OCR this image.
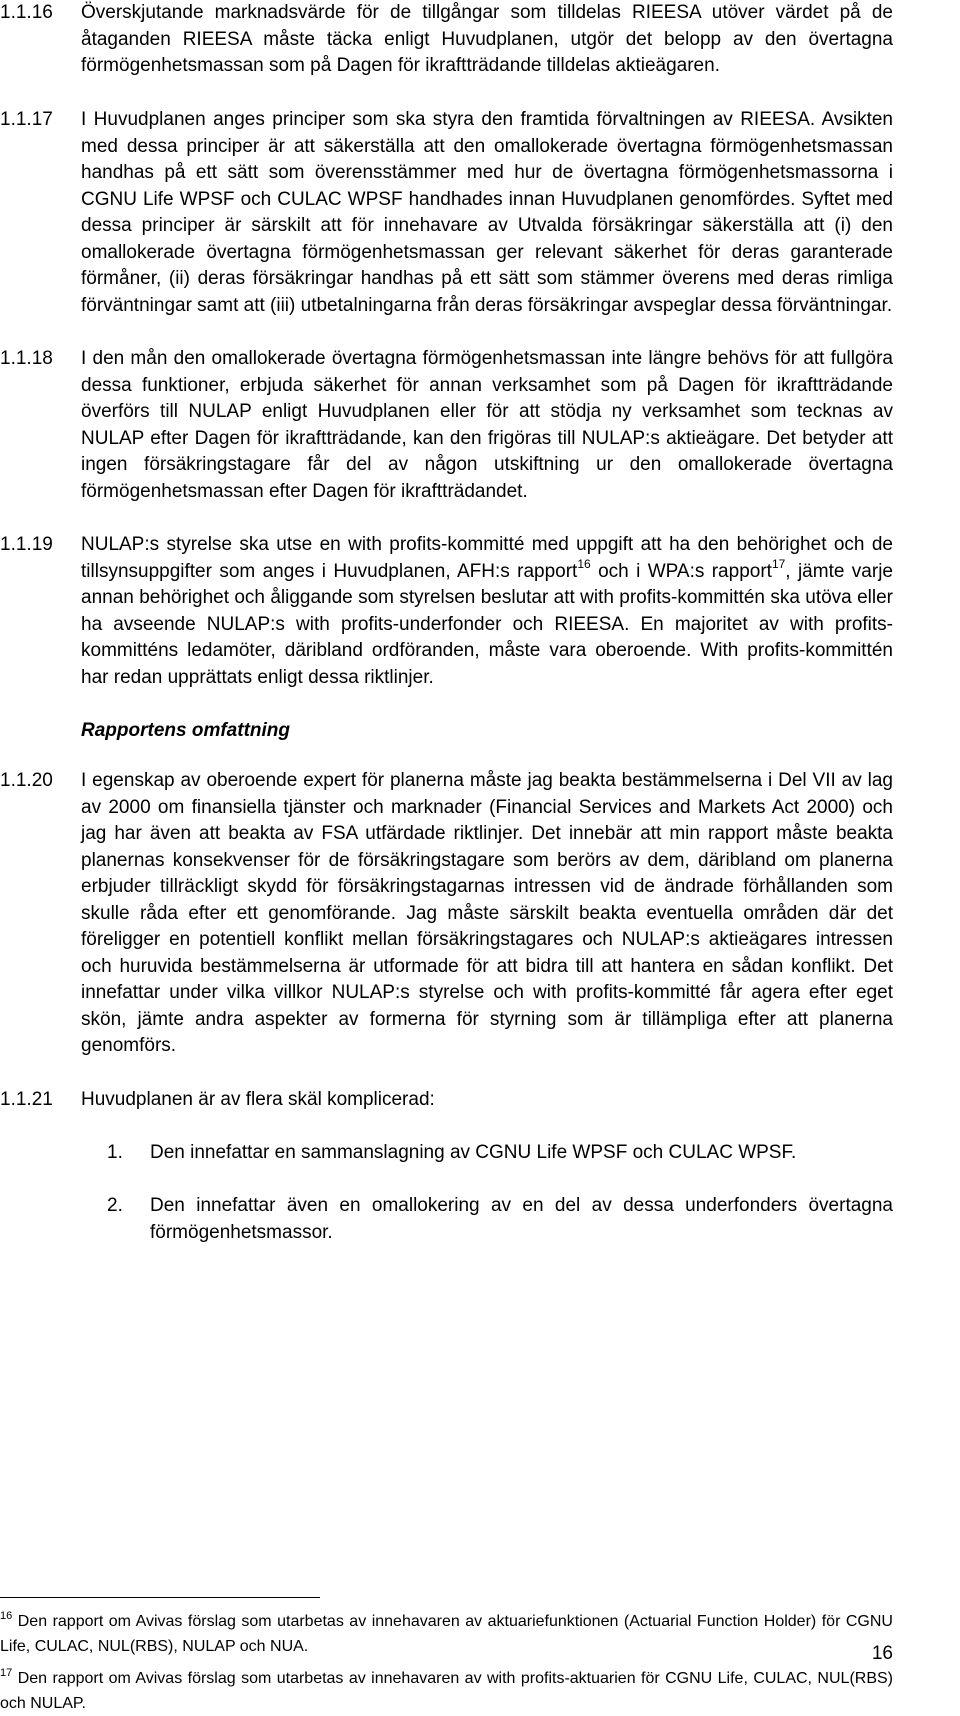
1.1.16	Överskjutande marknadsvärde för de tillgångar som tilldelas RIEESA utöver värdet på de åtaganden RIEESA måste täcka enligt Huvudplanen, utgör det belopp av den övertagna förmögenhetsmassan som på Dagen för ikraftträdande tilldelas aktieägaren.

1.1.17	I Huvudplanen anges principer som ska styra den framtida förvaltningen av RIEESA. Avsikten med dessa principer är att säkerställa att den omallokerade övertagna förmögenhetsmassan handhas på ett sätt som överensstämmer med hur de övertagna förmögenhetsmassorna i CGNU Life WPSF och CULAC WPSF handhades innan Huvudplanen genomfördes. Syftet med dessa principer är särskilt att för innehavare av Utvalda försäkringar säkerställa att (i) den omallokerade övertagna förmögenhetsmassan ger relevant säkerhet för deras garanterade förmåner, (ii) deras försäkringar handhas på ett sätt som stämmer överens med deras rimliga förväntningar samt att (iii) utbetalningarna från deras försäkringar avspeglar dessa förväntningar.

1.1.18	I den mån den omallokerade övertagna förmögenhetsmassan inte längre behövs för att fullgöra dessa funktioner, erbjuda säkerhet för annan verksamhet som på Dagen för ikraftträdande överförs till NULAP enligt Huvudplanen eller för att stödja ny verksamhet som tecknas av NULAP efter Dagen för ikraftträdande, kan den frigöras till NULAP:s aktieägare. Det betyder att ingen försäkringstagare får del av någon utskiftning ur den omallokerade övertagna förmögenhetsmassan efter Dagen för ikraftträdandet.

1.1.19	NULAP:s styrelse ska utse en with profits-kommitté med uppgift att ha den behörighet och de tillsynsuppgifter som anges i Huvudplanen, AFH:s rapport$^{16}$ och i WPA:s rapport$^{17}$, jämte varje annan behörighet och åliggande som styrelsen beslutar att with profits-kommittén ska utöva eller ha avseende NULAP:s with profits-underfonder och RIEESA. En majoritet av with profits-kommitténs ledamöter, däribland ordföranden, måste vara oberoende. With profits-kommittén har redan upprättats enligt dessa riktlinjer.

Rapportens omfattning
1.1.20	I egenskap av oberoende expert för planerna måste jag beakta bestämmelserna i Del VII av lag av 2000 om finansiella tjänster och marknader (Financial Services and Markets Act 2000) och jag har även att beakta av FSA utfärdade riktlinjer. Det innebär att min rapport måste beakta planernas konsekvenser för de försäkringstagare som berörs av dem, däribland om planerna erbjuder tillräckligt skydd för försäkringstagarnas intressen vid de ändrade förhållanden som skulle råda efter ett genomförande. Jag måste särskilt beakta eventuella områden där det föreligger en potentiell konflikt mellan försäkringstagares och NULAP:s aktieägares intressen och huruvida bestämmelserna är utformade för att bidra till att hantera en sådan konflikt. Det innefattar under vilka villkor NULAP:s styrelse och with profits-kommitté får agera efter eget skön, jämte andra aspekter av formerna för styrning som är tillämpliga efter att planerna genomförs.

1.1.21	Huvudplanen är av flera skäl komplicerad:

1. Den innefattar en sammanslagning av CGNU Life WPSF och CULAC WPSF.
2. Den innefattar även en omallokering av en del av dessa underfonders övertagna förmögenhetsmassor.
$^{16}$ Den rapport om Avivas förslag som utarbetas av innehavaren av aktuariefunktionen (Actuarial Function Holder) för CGNU Life, CULAC, NUL(RBS), NULAP och NUA.
$^{17}$ Den rapport om Avivas förslag som utarbetas av innehavaren av with profits-aktuarien för CGNU Life, CULAC, NUL(RBS) och NULAP.
16
